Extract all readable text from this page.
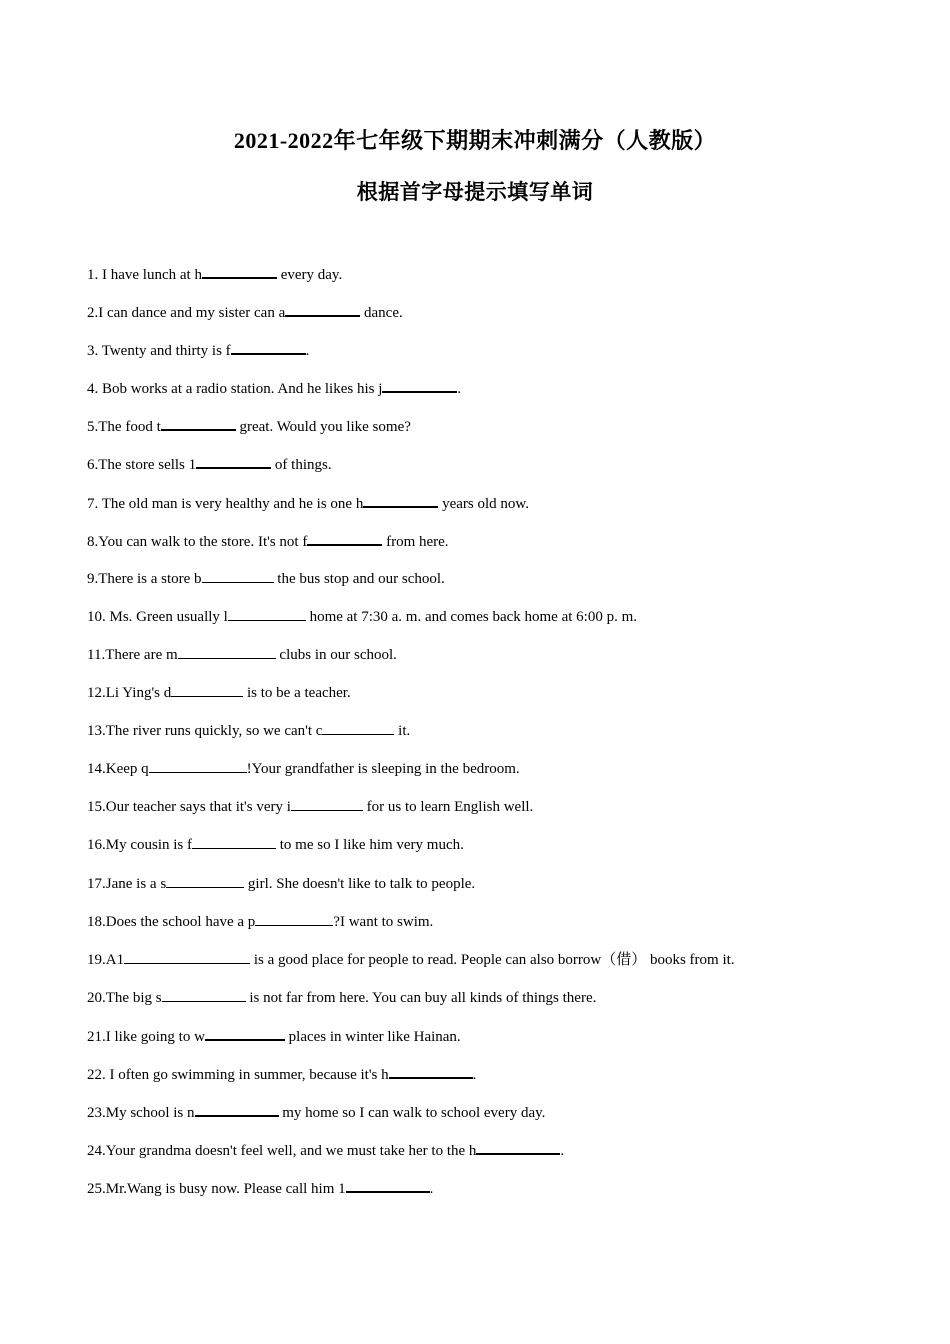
2021-2022年七年级下期期末冲刺满分（人教版）
根据首字母提示填写单词
1. I have lunch at h	every day.
2.I can dance and my sister can a	dance.
3. Twenty and thirty is f	.
4. Bob works at a radio station. And he likes his j	.
5.The food t	great. Would you like some?
6.The store sells 1	of things.
7. The old man is very healthy and he is one h	years old now.
8.You can walk to the store. It's not f	from here.
9.There is a store b	the bus stop and our school.
10. Ms. Green usually l	home at 7:30 a. m. and comes back home at 6:00 p. m.
11.There are m	clubs in our school.
12.Li Ying's d	is to be a teacher.
13.The river runs quickly, so we can't c	it.
14.Keep q	!Your grandfather is sleeping in the bedroom.
15.Our teacher says that it's very i	for us to learn English well.
16.My cousin is f	to me so I like him very much.
17.Jane is a s	girl. She doesn't like to talk to people.
18.Does the school have a p	?I want to swim.
19.A1	is a good place for people to read. People can also borrow（借） books from it.
20.The big s	is not far from here. You can buy all kinds of things there.
21.I like going to w	places in winter like Hainan.
22. I often go swimming in summer, because it's h	.
23.My school is n	my home so I can walk to school every day.
24.Your grandma doesn't feel well, and we must take her to the h	.
25.Mr.Wang is busy now. Please call him 1	.
